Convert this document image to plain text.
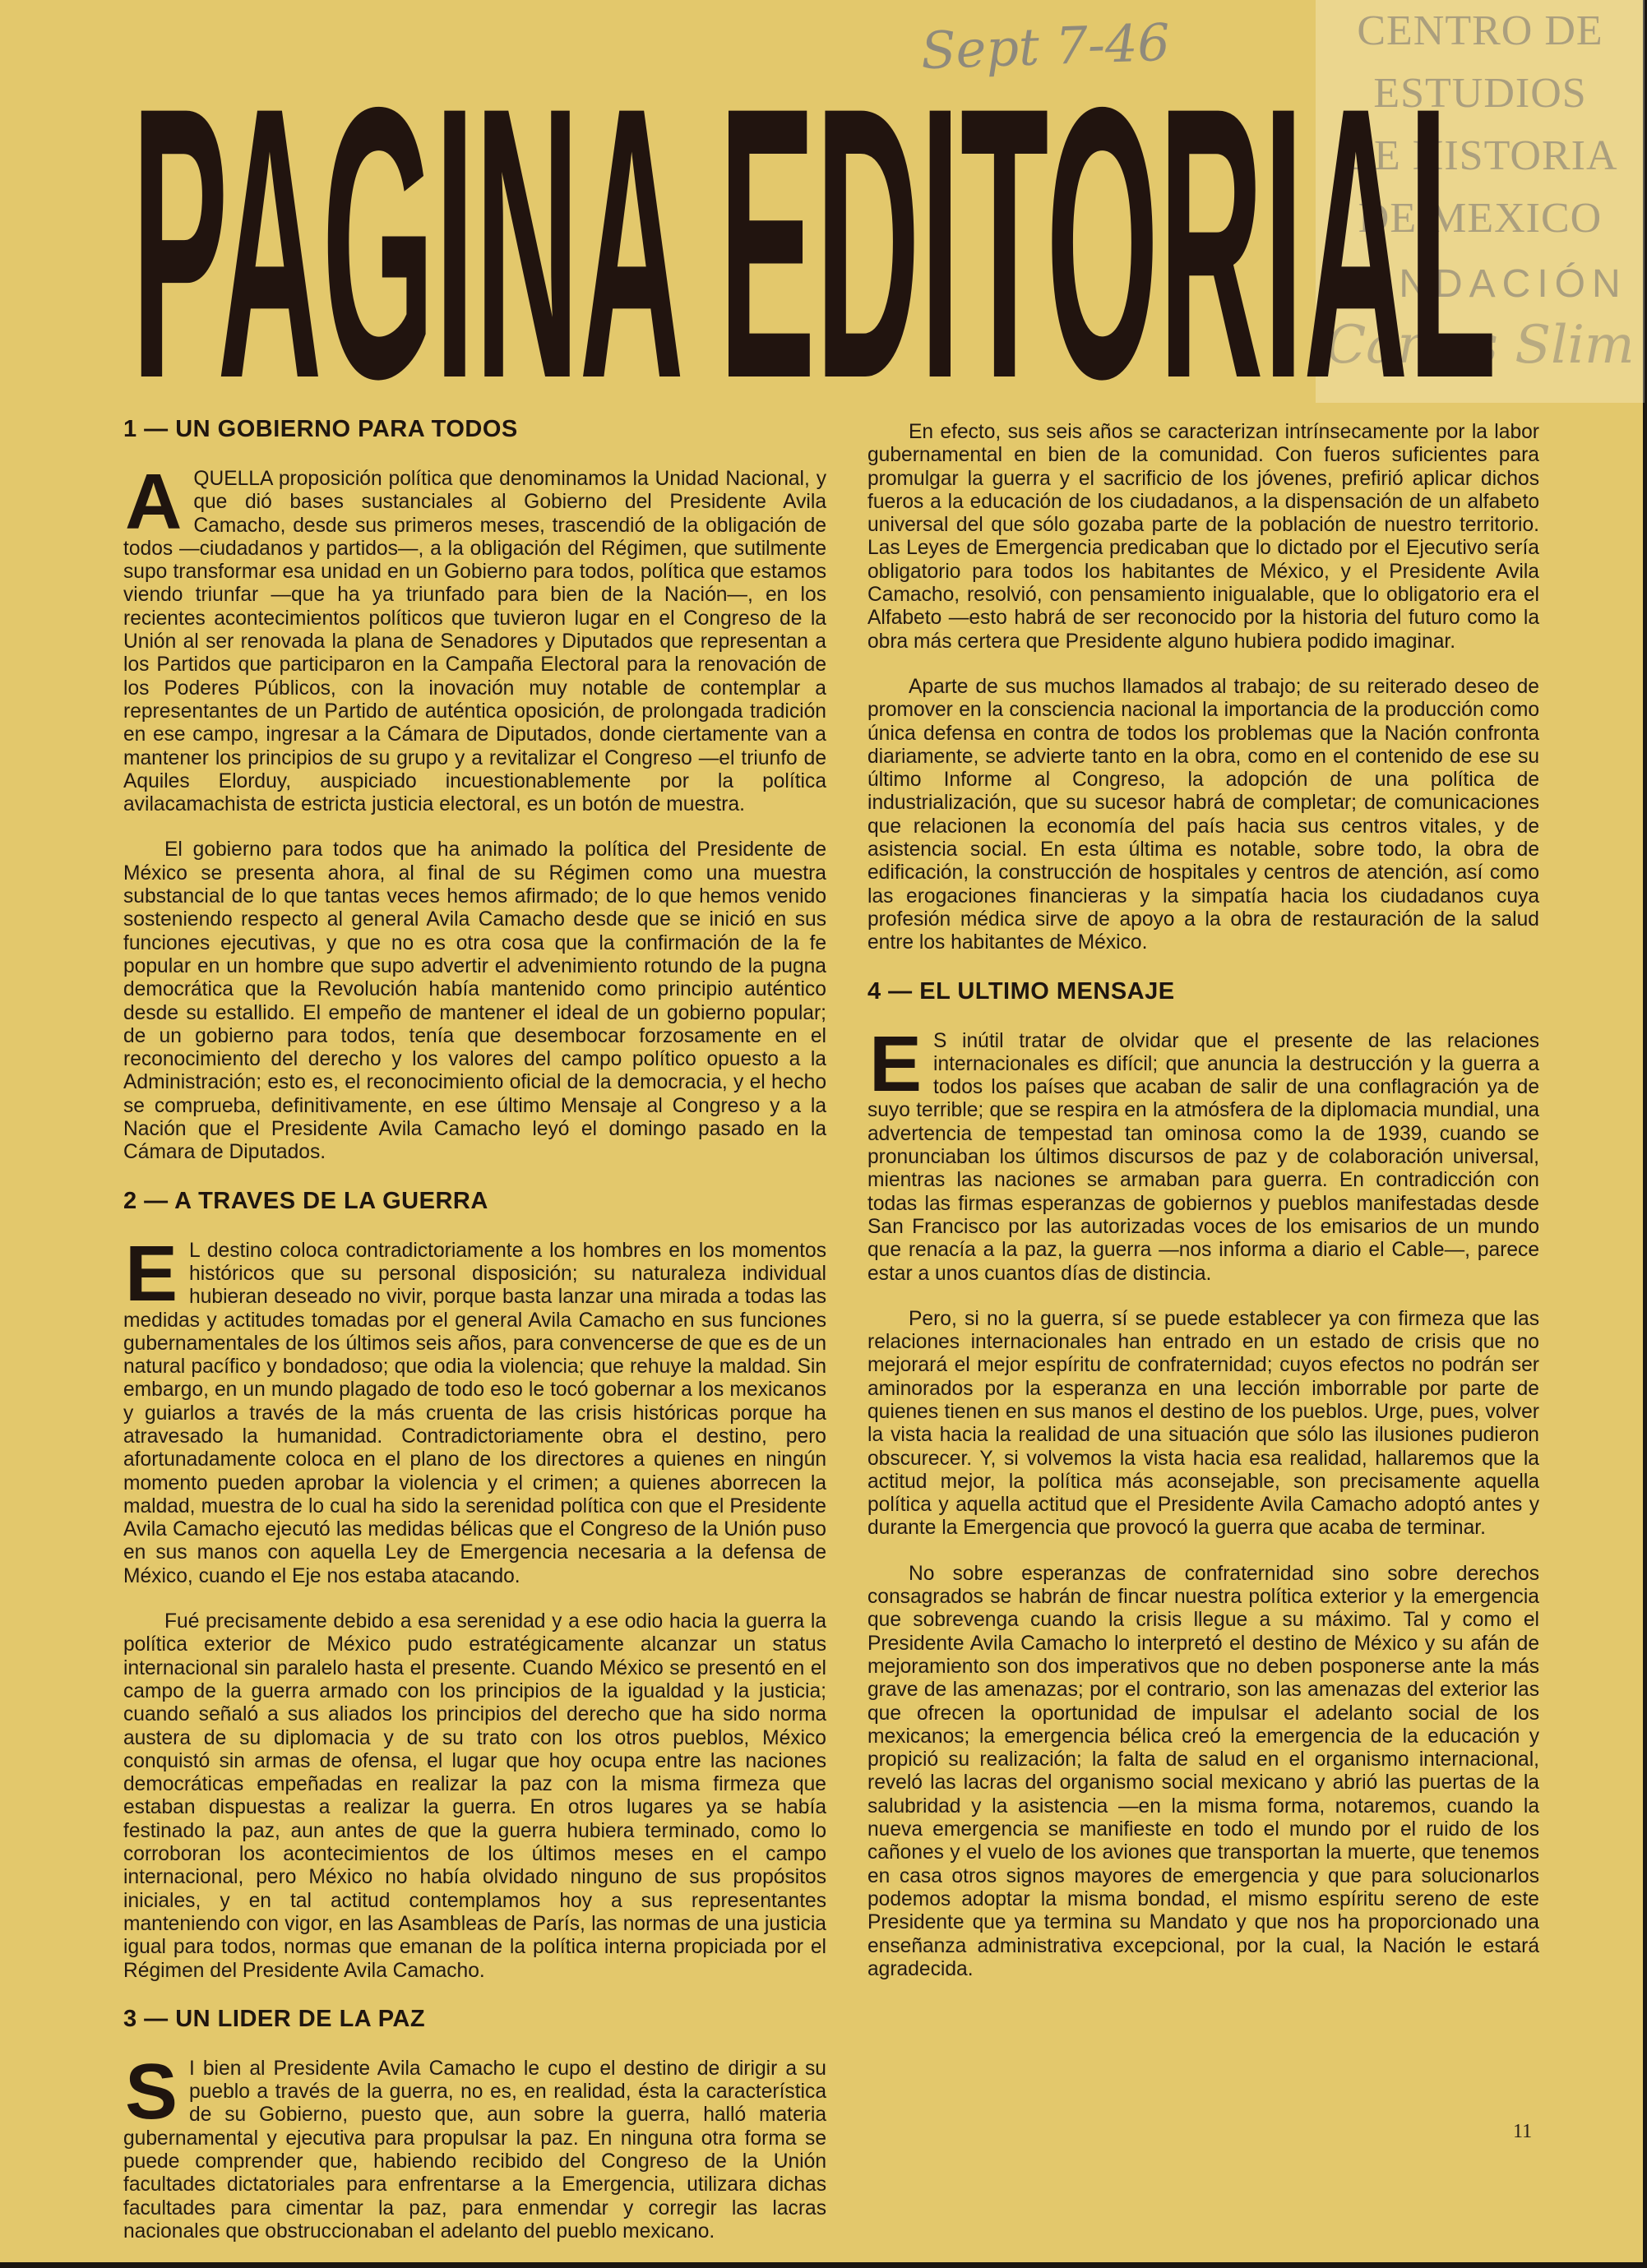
Sept 7-46	CENTRO DE
ESTUDIOS
DE HISTORIA
DE MEXICO
FUNDACIÓN
Carlos Slim
PAGINA EDITORIAL
1 — UN GOBIERNO PARA TODOS

AQUELLA proposición política que denominamos la Unidad Nacional, y que dió bases sustanciales al Gobierno del Presidente Avila Camacho, desde sus primeros meses, trascendió de la obligación de todos —ciudadanos y partidos—, a la obligación del Régimen, que sutilmente supo transformar esa unidad en un Gobierno para todos, política que estamos viendo triunfar —que ha ya triunfado para bien de la Nación—, en los recientes acontecimientos políticos que tuvieron lugar en el Congreso de la Unión al ser renovada la plana de Senadores y Diputados que representan a los Partidos que participaron en la Campaña Electoral para la renovación de los Poderes Públicos, con la inovación muy notable de contemplar a representantes de un Partido de auténtica oposición, de prolongada tradición en ese campo, ingresar a la Cámara de Diputados, donde ciertamente van a mantener los principios de su grupo y a revitalizar el Congreso —el triunfo de Aquiles Elorduy, auspiciado incuestionablemente por la política avilacamachista de estricta justicia electoral, es un botón de muestra.

El gobierno para todos que ha animado la política del Presidente de México se presenta ahora, al final de su Régimen como una muestra substancial de lo que tantas veces hemos afirmado; de lo que hemos venido sosteniendo respecto al general Avila Camacho desde que se inició en sus funciones ejecutivas, y que no es otra cosa que la confirmación de la fe popular en un hombre que supo advertir el advenimiento rotundo de la pugna democrática que la Revolución había mantenido como principio auténtico desde su estallido. El empeño de mantener el ideal de un gobierno popular; de un gobierno para todos, tenía que desembocar forzosamente en el reconocimiento del derecho y los valores del campo político opuesto a la Administración; esto es, el reconocimiento oficial de la democracia, y el hecho se comprueba, definitivamente, en ese último Mensaje al Congreso y a la Nación que el Presidente Avila Camacho leyó el domingo pasado en la Cámara de Diputados.

2 — A TRAVES DE LA GUERRA

E L destino coloca contradictoriamente a los hombres en los momentos históricos que su personal disposición; su naturaleza individual hubieran deseado no vivir, porque basta lanzar una mirada a todas las medidas y actitudes tomadas por el general Avila Camacho en sus funciones gubernamentales de los últimos seis años, para convencerse de que es de un natural pacífico y bondadoso; que odia la violencia; que rehuye la maldad. Sin embargo, en un mundo plagado de todo eso le tocó gobernar a los mexicanos y guiarlos a través de la más cruenta de las crisis históricas porque ha atravesado la humanidad. Contradictoriamente obra el destino, pero afortunadamente coloca en el plano de los directores a quienes en ningún momento pueden aprobar la violencia y el crimen; a quienes aborrecen la maldad, muestra de lo cual ha sido la serenidad política con que el Presidente Avila Camacho ejecutó las medidas bélicas que el Congreso de la Unión puso en sus manos con aquella Ley de Emergencia necesaria a la defensa de México, cuando el Eje nos estaba atacando.

Fué precisamente debido a esa serenidad y a ese odio hacia la guerra la política exterior de México pudo estratégicamente alcanzar un status internacional sin paralelo hasta el presente. Cuando México se presentó en el campo de la guerra armado con los principios de la igualdad y la justicia; cuando señaló a sus aliados los principios del derecho que ha sido norma austera de su diplomacia y de su trato con los otros pueblos, México conquistó sin armas de ofensa, el lugar que hoy ocupa entre las naciones democráticas empeñadas en realizar la paz con la misma firmeza que estaban dispuestas a realizar la guerra. En otros lugares ya se había festinado la paz, aun antes de que la guerra hubiera terminado, como lo corroboran los acontecimientos de los últimos meses en el campo internacional, pero México no había olvidado ninguno de sus propósitos iniciales, y en tal actitud contemplamos hoy a sus representantes manteniendo con vigor, en las Asambleas de París, las normas de una justicia igual para todos, normas que emanan de la política interna propiciada por el Régimen del Presidente Avila Camacho.

3 — UN LIDER DE LA PAZ

S I bien al Presidente Avila Camacho le cupo el destino de dirigir a su pueblo a través de la guerra, no es, en realidad, ésta la característica de su Gobierno, puesto que, aun sobre la guerra, halló materia gubernamental y ejecutiva para propulsar la paz. En ninguna otra forma se puede comprender que, habiendo recibido del Congreso de la Unión facultades dictatoriales para enfrentarse a la Emergencia, utilizara dichas facultades para cimentar la paz, para enmendar y corregir las lacras nacionales que obstruccionaban el adelanto del pueblo mexicano.

En efecto, sus seis años se caracterizan intrínsecamente por la labor gubernamental en bien de la comunidad. Con fueros suficientes para promulgar la guerra y el sacrificio de los jóvenes, prefirió aplicar dichos fueros a la educación de los ciudadanos, a la dispensación de un alfabeto universal del que sólo gozaba parte de la población de nuestro territorio. Las Leyes de Emergencia predicaban que lo dictado por el Ejecutivo sería obligatorio para todos los habitantes de México, y el Presidente Avila Camacho, resolvió, con pensamiento inigualable, que lo obligatorio era el Alfabeto —esto habrá de ser reconocido por la historia del futuro como la obra más certera que Presidente alguno hubiera podido imaginar.

Aparte de sus muchos llamados al trabajo; de su reiterado deseo de promover en la consciencia nacional la importancia de la producción como única defensa en contra de todos los problemas que la Nación confronta diariamente, se advierte tanto en la obra, como en el contenido de ese su último Informe al Congreso, la adopción de una política de industrialización, que su sucesor habrá de completar; de comunicaciones que relacionen la economía del país hacia sus centros vitales, y de asistencia social. En esta última es notable, sobre todo, la obra de edificación, la construcción de hospitales y centros de atención, así como las erogaciones financieras y la simpatía hacia los ciudadanos cuya profesión médica sirve de apoyo a la obra de restauración de la salud entre los habitantes de México.

4 — EL ULTIMO MENSAJE

E S inútil tratar de olvidar que el presente de las relaciones internacionales es difícil; que anuncia la destrucción y la guerra a todos los países que acaban de salir de una conflagración ya de suyo terrible; que se respira en la atmósfera de la diplomacia mundial, una advertencia de tempestad tan ominosa como la de 1939, cuando se pronunciaban los últimos discursos de paz y de colaboración universal, mientras las naciones se armaban para guerra. En contradicción con todas las firmas esperanzas de gobiernos y pueblos manifestadas desde San Francisco por las autorizadas voces de los emisarios de un mundo que renacía a la paz, la guerra —nos informa a diario el Cable—, parece estar a unos cuantos días de distincia.

Pero, si no la guerra, sí se puede establecer ya con firmeza que las relaciones internacionales han entrado en un estado de crisis que no mejorará el mejor espíritu de confraternidad; cuyos efectos no podrán ser aminorados por la esperanza en una lección imborrable por parte de quienes tienen en sus manos el destino de los pueblos. Urge, pues, volver la vista hacia la realidad de una situación que sólo las ilusiones pudieron obscurecer. Y, si volvemos la vista hacia esa realidad, hallaremos que la actitud mejor, la política más aconsejable, son precisamente aquella política y aquella actitud que el Presidente Avila Camacho adoptó antes y durante la Emergencia que provocó la guerra que acaba de terminar.

No sobre esperanzas de confraternidad sino sobre derechos consagrados se habrán de fincar nuestra política exterior y la emergencia que sobrevenga cuando la crisis llegue a su máximo. Tal y como el Presidente Avila Camacho lo interpretó el destino de México y su afán de mejoramiento son dos imperativos que no deben posponerse ante la más grave de las amenazas; por el contrario, son las amenazas del exterior las que ofrecen la oportunidad de impulsar el adelanto social de los mexicanos; la emergencia bélica creó la emergencia de la educación y propició su realización; la falta de salud en el organismo internacional, reveló las lacras del organismo social mexicano y abrió las puertas de la salubridad y la asistencia —en la misma forma, notaremos, cuando la nueva emergencia se manifieste en todo el mundo por el ruido de los cañones y el vuelo de los aviones que transportan la muerte, que tenemos en casa otros signos mayores de emergencia y que para solucionarlos podemos adoptar la misma bondad, el mismo espíritu sereno de este Presidente que ya termina su Mandato y que nos ha proporcionado una enseñanza administrativa excepcional, por la cual, la Nación le estará agradecida.

11
